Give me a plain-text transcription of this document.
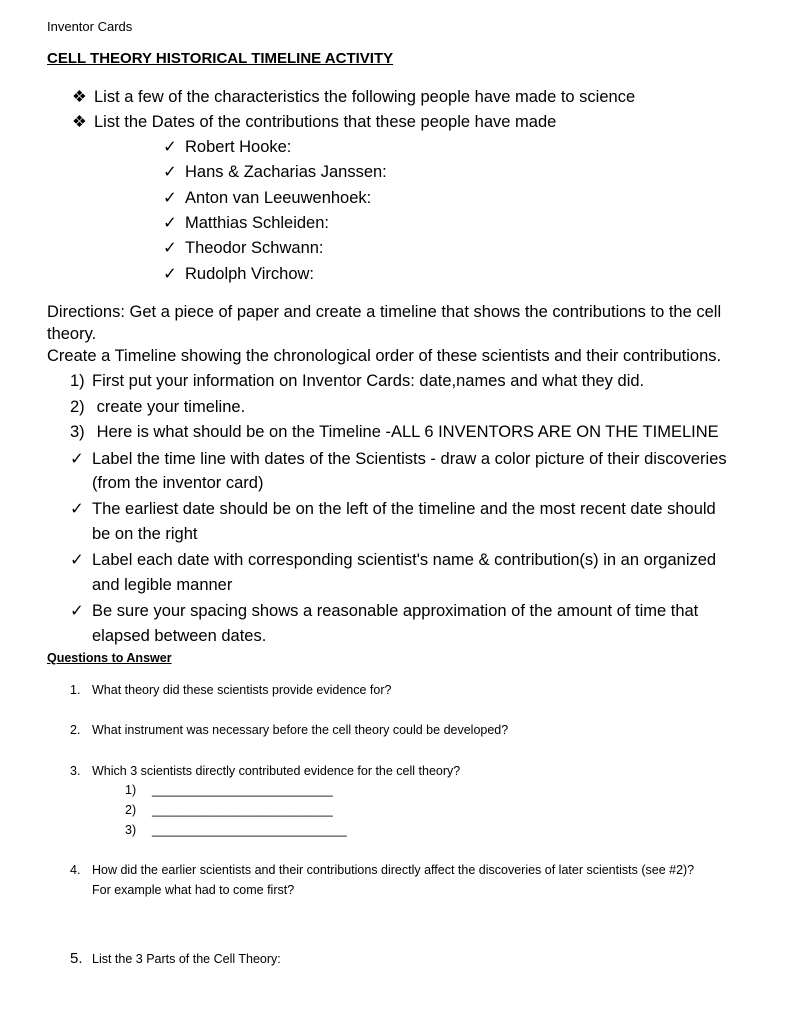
Inventor Cards
CELL THEORY HISTORICAL TIMELINE ACTIVITY
❖ List a few of the characteristics the following people have made to science
❖ List the Dates of the contributions that these people have made
✓ Robert Hooke:
✓ Hans & Zacharias Janssen:
✓ Anton van Leeuwenhoek:
✓ Matthias Schleiden:
✓ Theodor Schwann:
✓ Rudolph Virchow:
Directions: Get a piece of paper and create a timeline that shows the contributions to the cell
theory.
Create a Timeline showing the chronological order of these scientists and their contributions.
1) First put your information on Inventor Cards: date,names and what they did.
2) create your timeline.
3) Here is what should be on the Timeline -ALL 6 INVENTORS ARE ON THE TIMELINE
✓ Label the time line with dates of the Scientists - draw a color picture of their discoveries
(from the inventor card)
✓ The earliest date should be on the left of the timeline and the most recent date should
be on the right
✓ Label each date with corresponding scientist's name & contribution(s) in an organized
and legible manner
✓ Be sure your spacing shows a reasonable approximation of the amount of time that
elapsed between dates.
Questions to Answer
1. What theory did these scientists provide evidence for?
2. What instrument was necessary before the cell theory could be developed?
3. Which 3 scientists directly contributed evidence for the cell theory?
1) __________________________
2) __________________________
3) ____________________________
4. How did the earlier scientists and their contributions directly affect the discoveries of later scientists (see #2)?
For example what had to come first?
5. List the 3 Parts of the Cell Theory:
